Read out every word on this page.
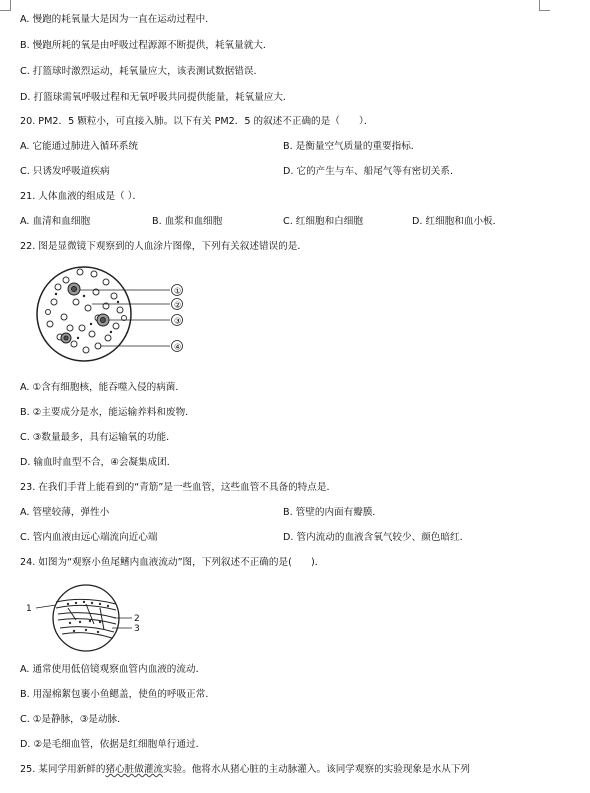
A. 慢跑的耗氧量大是因为一直在运动过程中．
B. 慢跑所耗的氧是由呼吸过程源源不断提供，耗氧量就大．
C. 打篮球时激烈运动，耗氧量应大，该表测试数据错误．
D. 打篮球需氧呼吸过程和无氧呼吸共同提供能量，耗氧量应大．
20. PM2．5 颗粒小，可直接入肺。以下有关 PM2．5 的叙述不正确的是（　　）．
A. 它能通过肺进入循环系统	B. 是衡量空气质量的重要指标．
C. 只诱发呼吸道疾病	D. 它的产生与车、船尾气等有密切关系．
21. 人体血液的组成是（ ）．
A. 血清和血细胞	B. 血浆和血细胞	C. 红细胞和白细胞	D. 红细胞和血小板．
22. 图是显微镜下观察到的人血涂片图像，下列有关叙述错误的是．
①
②
③
④
A. ①含有细胞核，能吞噬入侵的病菌．
B. ②主要成分是水，能运输养料和废物．
C. ③数量最多，具有运输氧的功能．
D. 输血时血型不合，④会凝集成团．
23. 在我们手背上能看到的“青筋”是一些血管，这些血管不具备的特点是．
A. 管壁较薄，弹性小	B. 管壁的内面有瓣膜．
C. 管内血液由远心端流向近心端	D. 管内流动的血液含氧气较少、颜色暗红．
24. 如图为“观察小鱼尾鳍内血液流动”图，下列叙述不正确的是(　　)．
1
2
3
A. 通常使用低倍镜观察血管内血液的流动．
B. 用湿棉絮包裹小鱼鳃盖，使鱼的呼吸正常．
C. ①是静脉，③是动脉．
D. ②是毛细血管，依据是红细胞单行通过．
25. 某同学用新鲜的猪心脏做灌流实验。他将水从猪心脏的主动脉灌入。该同学观察的实验现象是水从下列
